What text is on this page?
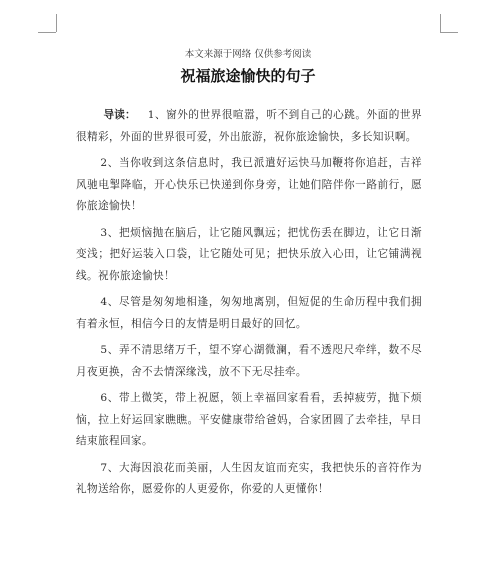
本文来源于网络 仅供参考阅读
祝福旅途愉快的句子

导读： 1、窗外的世界很喧嚣，听不到自己的心跳。外面的世界很精彩，外面的世界很可爱，外出旅游，祝你旅途愉快，多长知识啊。

2、当你收到这条信息时，我已派遣好运快马加鞭将你追赶，吉祥风驰电掣降临，开心快乐已快递到你身旁，让她们陪伴你一路前行，愿你旅途愉快！

3、把烦恼抛在脑后，让它随风飘远；把忧伤丢在脚边，让它日渐变浅；把好运装入口袋，让它随处可见；把快乐放入心田，让它铺满视线。祝你旅途愉快！

4、尽管是匆匆地相逢，匆匆地离别，但短促的生命历程中我们拥有着永恒，相信今日的友情是明日最好的回忆。

5、弄不清思绪万千，望不穿心湖微澜，看不透咫尺牵绊，数不尽月夜更换，舍不去情深缘浅，放不下无尽挂牵。

6、带上微笑，带上祝愿，领上幸福回家看看，丢掉疲劳，抛下烦恼，拉上好运回家瞧瞧。平安健康带给爸妈，合家团圆了去牵挂，早日结束旅程回家。

7、大海因浪花而美丽，人生因友谊而充实，我把快乐的音符作为礼物送给你，愿爱你的人更爱你，你爱的人更懂你！
